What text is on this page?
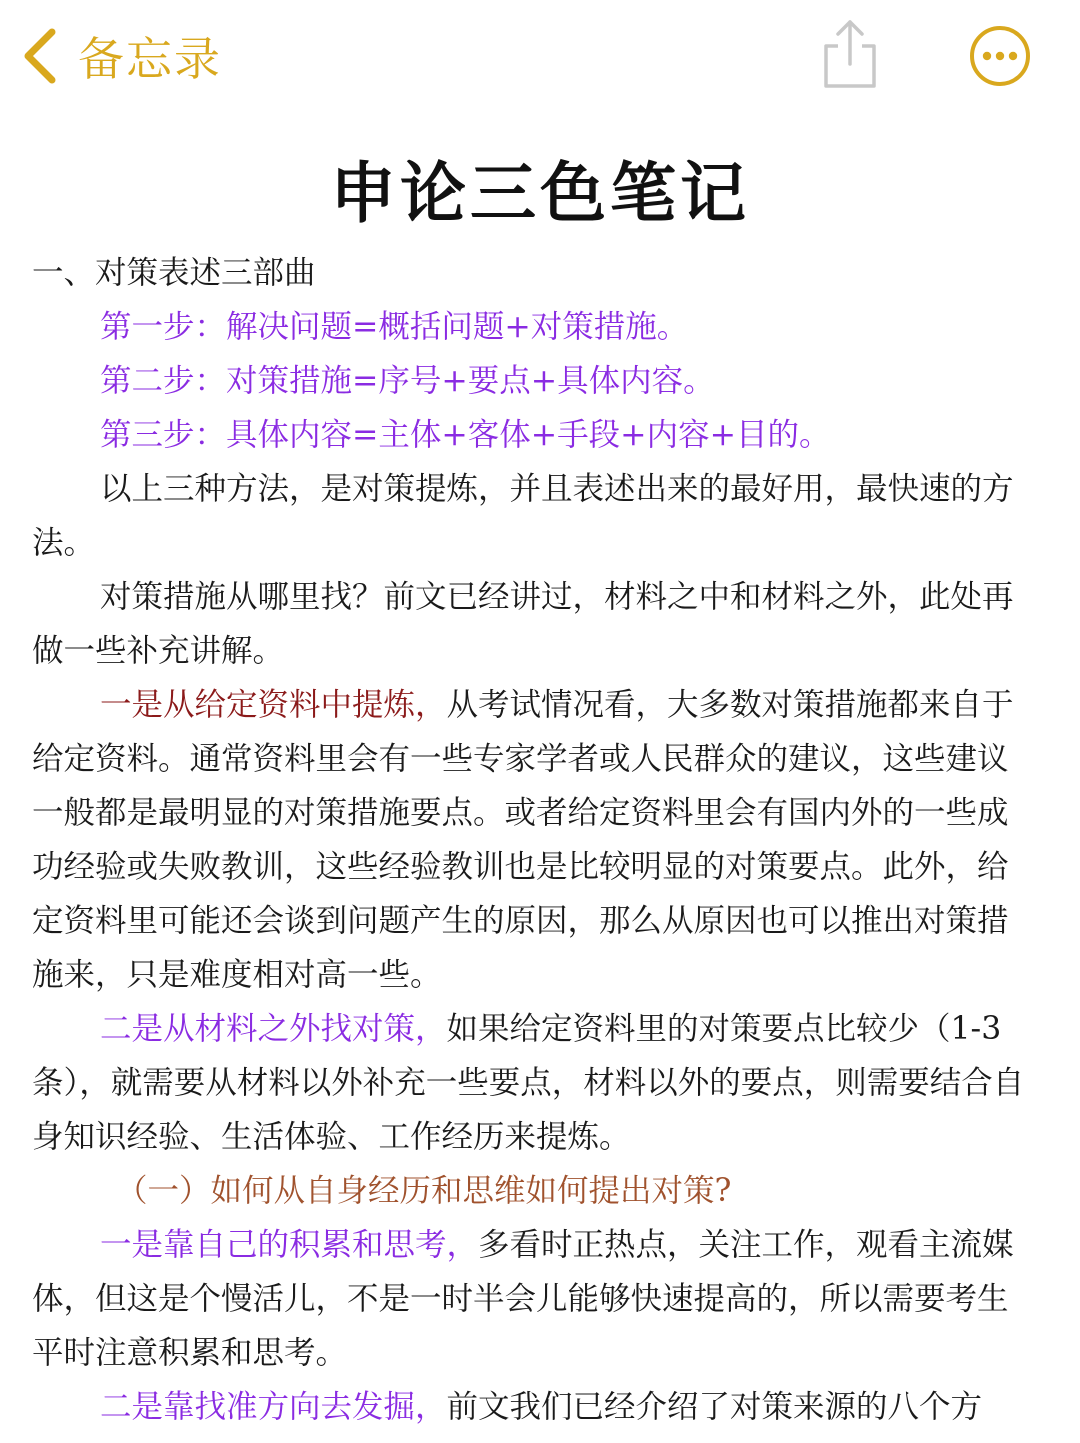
备忘录
申论三色笔记

一、对策表述三部曲

第一步：解决问题=概括问题+对策措施。

第二步：对策措施=序号+要点+具体内容。

第三步：具体内容=主体+客体+手段+内容+目的。

以上三种方法，是对策提炼，并且表述出来的最好用，最快速的方法。

对策措施从哪里找？前文已经讲过，材料之中和材料之外，此处再做一些补充讲解。

一是从给定资料中提炼，从考试情况看，大多数对策措施都来自于给定资料。通常资料里会有一些专家学者或人民群众的建议，这些建议一般都是最明显的对策措施要点。或者给定资料里会有国内外的一些成功经验或失败教训，这些经验教训也是比较明显的对策要点。此外，给定资料里可能还会谈到问题产生的原因，那么从原因也可以推出对策措施来，只是难度相对高一些。

二是从材料之外找对策，如果给定资料里的对策要点比较少（1-3条），就需要从材料以外补充一些要点，材料以外的要点，则需要结合自身知识经验、生活体验、工作经历来提炼。

（一）如何从自身经历和思维如何提出对策?

一是靠自己的积累和思考，多看时正热点，关注工作，观看主流媒体，但这是个慢活儿，不是一时半会儿能够快速提高的，所以需要考生平时注意积累和思考。

二是靠找准方向去发掘，前文我们已经介绍了对策来源的八个方
